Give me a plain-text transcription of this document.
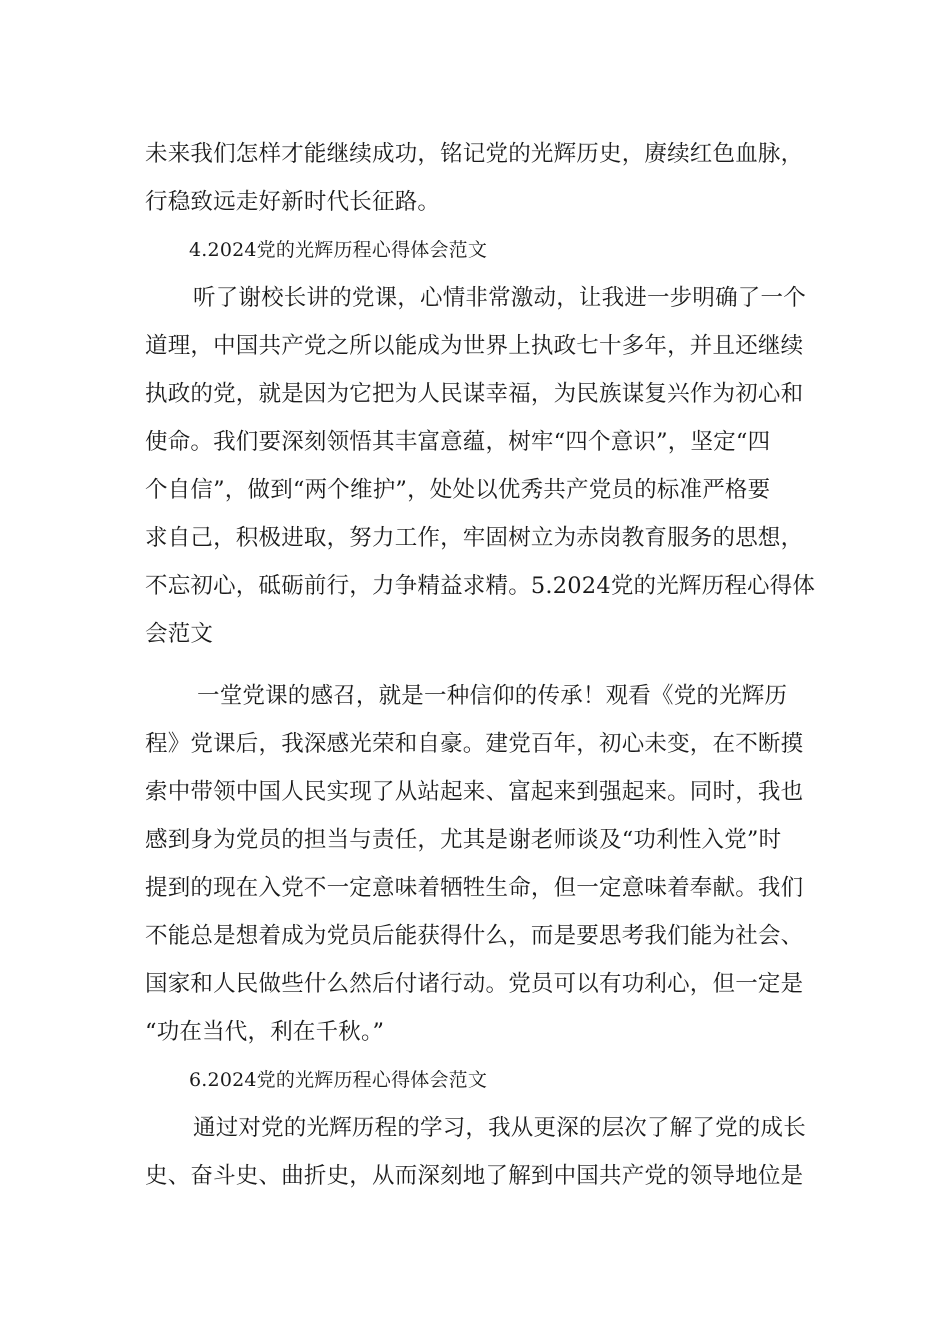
未来我们怎样才能继续成功，铭记党的光辉历史，赓续红色血脉，
行稳致远走好新时代长征路。
4.2024党的光辉历程心得体会范文
听了谢校长讲的党课，心情非常激动，让我进一步明确了一个
道理，中国共产党之所以能成为世界上执政七十多年，并且还继续
执政的党，就是因为它把为人民谋幸福，为民族谋复兴作为初心和
使命。我们要深刻领悟其丰富意蕴，树牢“四个意识”，坚定“四
个自信”，做到“两个维护”，处处以优秀共产党员的标准严格要
求自己，积极进取，努力工作，牢固树立为赤岗教育服务的思想，
不忘初心，砥砺前行，力争精益求精。5.2024党的光辉历程心得体
会范文
一堂党课的感召，就是一种信仰的传承！观看《党的光辉历
程》党课后，我深感光荣和自豪。建党百年，初心未变，在不断摸
索中带领中国人民实现了从站起来、富起来到强起来。同时，我也
感到身为党员的担当与责任，尤其是谢老师谈及“功利性入党”时
提到的现在入党不一定意味着牺牲生命，但一定意味着奉献。我们
不能总是想着成为党员后能获得什么，而是要思考我们能为社会、
国家和人民做些什么然后付诸行动。党员可以有功利心，但一定是
“功在当代，利在千秋。”
6.2024党的光辉历程心得体会范文
通过对党的光辉历程的学习，我从更深的层次了解了党的成长
史、奋斗史、曲折史，从而深刻地了解到中国共产党的领导地位是
